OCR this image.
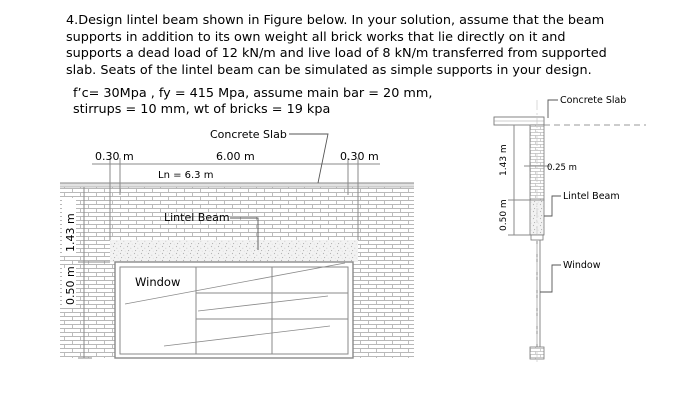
4.Design lintel beam shown in Figure below. In your solution, assume that the beam

supports in addition to its own weight all brick works that lie directly on it and

supports a dead load of 12 kN/m and live load of 8 kN/m transferred from supported

slab. Seats of the lintel beam can be simulated as simple supports in your design.

f’c= 30Mpa , fy = 415 Mpa, assume main bar = 20 mm,
stirrups = 10 mm, wt of bricks = 19 kpa
Window
0.30 m	6.00 m	0.30 m
Ln = 6.3 m
Concrete Slab
Lintel Beam
1.43 m
0.50 m
1.43 m
0.50 m
0.25 m
Concrete Slab
Lintel Beam
Window
